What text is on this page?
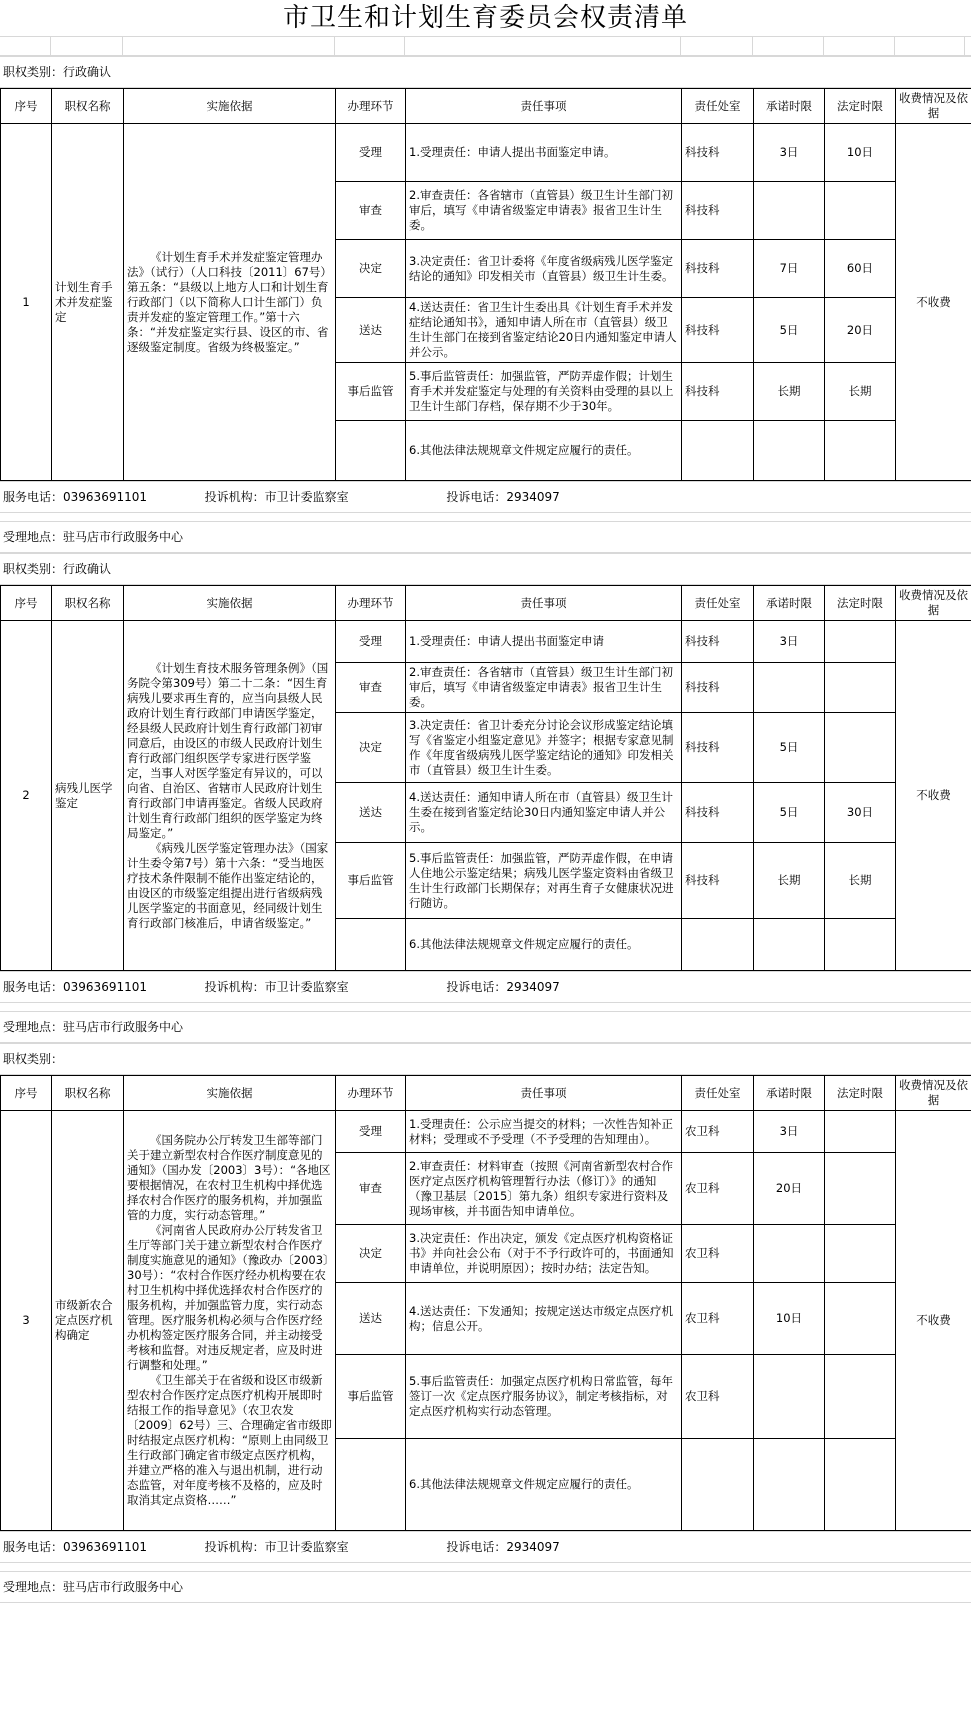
市卫生和计划生育委员会权责清单
职权类别：行政确认
序号	职权名称	实施依据	办理环节	责任事项	责任处室	承诺时限	法定时限	收费情况及依据
1	计划生育手术并发症鉴定	《计划生育手术并发症鉴定管理办法》（试行）（人口科技〔2011〕67号）第五条：“县级以上地方人口和计划生育行政部门（以下简称人口计生部门）负责并发症的鉴定管理工作。”第十六条：“并发症鉴定实行县、设区的市、省逐级鉴定制度。省级为终极鉴定。”	受理	1.受理责任：申请人提出书面鉴定申请。	科技科	3日	10日	不收费
			审查	2.审查责任：各省辖市（直管县）级卫生计生部门初审后，填写《申请省级鉴定申请表》报省卫生计生委。	科技科			
			决定	3.决定责任：省卫计委将《年度省级病残儿医学鉴定结论的通知》印发相关市（直管县）级卫生计生委。	科技科	7日	60日	
			送达	4.送达责任：省卫生计生委出具《计划生育手术并发症结论通知书》，通知申请人所在市（直管县）级卫生计生部门在接到省鉴定结论20日内通知鉴定申请人并公示。	科技科	5日	20日	
			事后监管	5.事后监管责任：加强监管，严防弄虚作假；计划生育手术并发症鉴定与处理的有关资料由受理的县以上卫生计生部门存档，保存期不少于30年。	科技科	长期	长期	
				6.其他法律法规规章文件规定应履行的责任。				
服务电话：03963691101	投诉机构：市卫计委监察室	投诉电话：2934097
受理地点：驻马店市行政服务中心
职权类别：行政确认
序号	职权名称	实施依据	办理环节	责任事项	责任处室	承诺时限	法定时限	收费情况及依据
2	病残儿医学鉴定	《计划生育技术服务管理条例》（国务院令第309号）第二十二条：“因生育病残儿要求再生育的，应当向县级人民政府计划生育行政部门申请医学鉴定，经县级人民政府计划生育行政部门初审同意后，由设区的市级人民政府计划生育行政部门组织医学专家进行医学鉴定，当事人对医学鉴定有异议的，可以向省、自治区、省辖市人民政府计划生育行政部门申请再鉴定。省级人民政府计划生育行政部门组织的医学鉴定为终局鉴定。”

《病残儿医学鉴定管理办法》（国家计生委令第7号）第十六条：“受当地医疗技术条件限制不能作出鉴定结论的，由设区的市级鉴定组提出进行省级病残儿医学鉴定的书面意见，经同级计划生育行政部门核准后，申请省级鉴定。”	受理	1.受理责任：申请人提出书面鉴定申请	科技科	3日		不收费
			审查	2.审查责任：各省辖市（直管县）级卫生计生部门初审后，填写《申请省级鉴定申请表》报省卫生计生委。	科技科			
			决定	3.决定责任：省卫计委充分讨论会议形成鉴定结论填写《省鉴定小组鉴定意见》并签字；根据专家意见制作《年度省级病残儿医学鉴定结论的通知》印发相关市（直管县）级卫生计生委。	科技科	5日		
			送达	4.送达责任：通知申请人所在市（直管县）级卫生计生委在接到省鉴定结论30日内通知鉴定申请人并公示。	科技科	5日	30日	
			事后监管	5.事后监管责任：加强监管，严防弄虚作假，在申请人住地公示鉴定结果；病残儿医学鉴定资料由省级卫生计生行政部门长期保存；对再生育子女健康状况进行随访。	科技科	长期	长期	
				6.其他法律法规规章文件规定应履行的责任。				
服务电话：03963691101	投诉机构：市卫计委监察室	投诉电话：2934097
受理地点：驻马店市行政服务中心
职权类别：
序号	职权名称	实施依据	办理环节	责任事项	责任处室	承诺时限	法定时限	收费情况及依据
3	市级新农合定点医疗机构确定	《国务院办公厅转发卫生部等部门关于建立新型农村合作医疗制度意见的通知》（国办发〔2003〕3号）：“各地区要根据情况，在农村卫生机构中择优选择农村合作医疗的服务机构，并加强监管的力度，实行动态管理。”

《河南省人民政府办公厅转发省卫生厅等部门关于建立新型农村合作医疗制度实施意见的通知》（豫政办〔2003〕30号）：“农村合作医疗经办机构要在农村卫生机构中择优选择农村合作医疗的服务机构，并加强监管力度，实行动态管理。医疗服务机构必须与合作医疗经办机构签定医疗服务合同，并主动接受考核和监督。对违反规定者，应及时进行调整和处理。”

《卫生部关于在省级和设区市级新型农村合作医疗定点医疗机构开展即时结报工作的指导意见》（农卫农发〔2009〕62号）三、合理确定省市级即时结报定点医疗机构：“原则上由同级卫生行政部门确定省市级定点医疗机构，并建立严格的准入与退出机制，进行动态监管，对年度考核不及格的，应及时取消其定点资格……”	受理	1.受理责任：公示应当提交的材料；一次性告知补正材料；受理或不予受理（不予受理的告知理由）。	农卫科	3日		不收费
			审查	2.审查责任：材料审查（按照《河南省新型农村合作医疗定点医疗机构管理暂行办法（修订）》的通知（豫卫基层〔2015〕第九条）组织专家进行资料及现场审核，并书面告知申请单位。	农卫科	20日		
			决定	3.决定责任：作出决定，颁发《定点医疗机构资格证书》并向社会公布（对于不予行政许可的，书面通知申请单位，并说明原因）；按时办结；法定告知。	农卫科			
			送达	4.送达责任：下发通知；按规定送达市级定点医疗机构；信息公开。	农卫科	10日		
			事后监管	5.事后监管责任：加强定点医疗机构日常监管，每年签订一次《定点医疗服务协议》，制定考核指标，对定点医疗机构实行动态管理。	农卫科			
				6.其他法律法规规章文件规定应履行的责任。				
服务电话：03963691101	投诉机构：市卫计委监察室	投诉电话：2934097
受理地点：驻马店市行政服务中心
